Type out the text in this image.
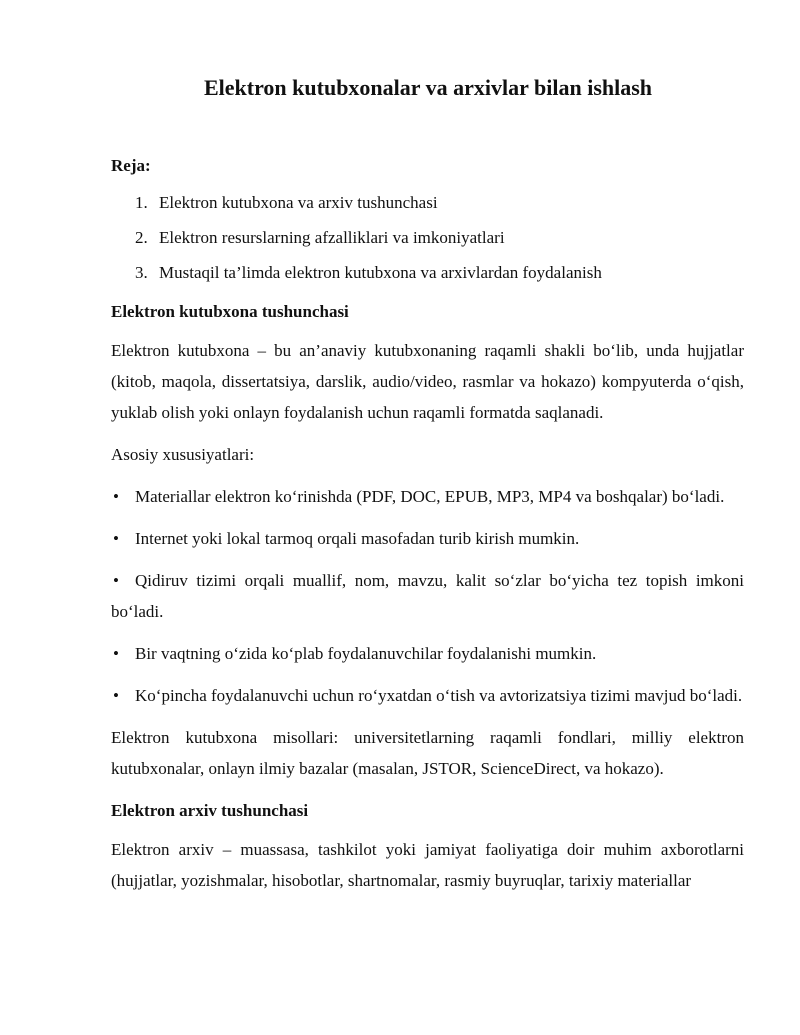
Elektron kutubxonalar va arxivlar bilan ishlash

Reja:

1. Elektron kutubxona va arxiv tushunchasi
2. Elektron resurslarning afzalliklari va imkoniyatlari
3. Mustaqil ta’limda elektron kutubxona va arxivlardan foydalanish

Elektron kutubxona tushunchasi

Elektron kutubxona – bu an’anaviy kutubxonaning raqamli shakli bo‘lib, unda hujjatlar (kitob, maqola, dissertatsiya, darslik, audio/video, rasmlar va hokazo) kompyuterda o‘qish, yuklab olish yoki onlayn foydalanish uchun raqamli formatda saqlanadi.

Asosiy xususiyatlari:

• Materiallar elektron ko‘rinishda (PDF, DOC, EPUB, MP3, MP4 va boshqalar) bo‘ladi.
• Internet yoki lokal tarmoq orqali masofadan turib kirish mumkin.
• Qidiruv tizimi orqali muallif, nom, mavzu, kalit so‘zlar bo‘yicha tez topish imkoni bo‘ladi.
• Bir vaqtning o‘zida ko‘plab foydalanuvchilar foydalanishi mumkin.
• Ko‘pincha foydalanuvchi uchun ro‘yxatdan o‘tish va avtorizatsiya tizimi mavjud bo‘ladi.

Elektron kutubxona misollari: universitetlarning raqamli fondlari, milliy elektron kutubxonalar, onlayn ilmiy bazalar (masalan, JSTOR, ScienceDirect, va hokazo).

Elektron arxiv tushunchasi

Elektron arxiv – muassasa, tashkilot yoki jamiyat faoliyatiga doir muhim axborotlarni (hujjatlar, yozishmalar, hisobotlar, shartnomalar, rasmiy buyruqlar, tarixiy materiallar
